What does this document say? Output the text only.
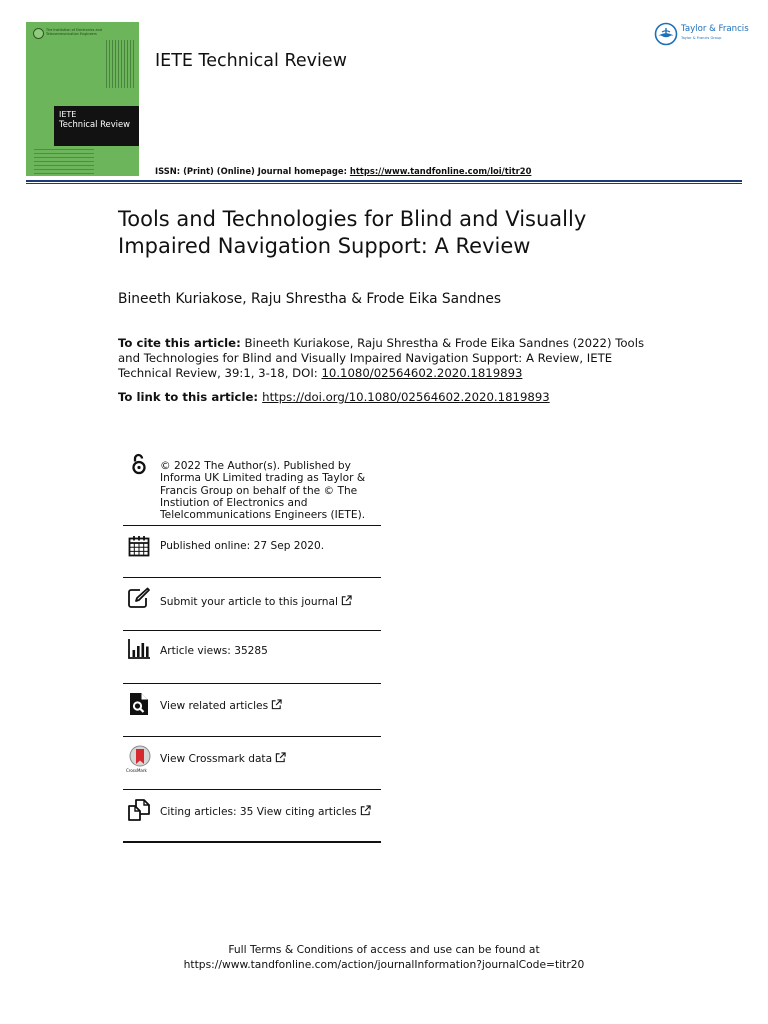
The Institution of Electronics and Telecommunication Engineers
IETE
Technical Review
IETE Technical Review
ISSN: (Print) (Online) Journal homepage: https://www.tandfonline.com/loi/titr20
Taylor & Francis
Taylor & Francis Group
Tools and Technologies for Blind and Visually Impaired Navigation Support: A Review
Bineeth Kuriakose, Raju Shrestha & Frode Eika Sandnes
To cite this article: Bineeth Kuriakose, Raju Shrestha & Frode Eika Sandnes (2022) Tools and Technologies for Blind and Visually Impaired Navigation Support: A Review, IETE Technical Review, 39:1, 3-18, DOI: 10.1080/02564602.2020.1819893
To link to this article: https://doi.org/10.1080/02564602.2020.1819893
© 2022 The Author(s). Published by Informa UK Limited trading as Taylor & Francis Group on behalf of the © The Instiution of Electronics and Telelcommunications Engineers (IETE).
Published online: 27 Sep 2020.
Submit your article to this journal
Article views: 35285
View related articles
CrossMark
View Crossmark data
Citing articles: 35 View citing articles
Full Terms & Conditions of access and use can be found at
https://www.tandfonline.com/action/journalInformation?journalCode=titr20
